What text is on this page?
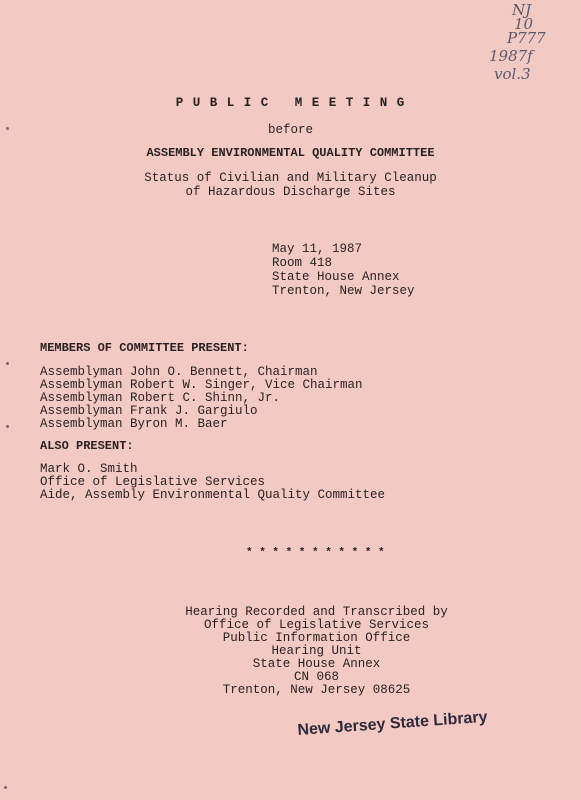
NJ
10
P777
1987f
vol.3
P U B L I C   M E E T I N G
before
ASSEMBLY ENVIRONMENTAL QUALITY COMMITTEE
Status of Civilian and Military Cleanup
of Hazardous Discharge Sites
May 11, 1987
Room 418
State House Annex
Trenton, New Jersey
MEMBERS OF COMMITTEE PRESENT:
Assemblyman John O. Bennett, Chairman
Assemblyman Robert W. Singer, Vice Chairman
Assemblyman Robert C. Shinn, Jr.
Assemblyman Frank J. Gargiulo
Assemblyman Byron M. Baer
ALSO PRESENT:
Mark O. Smith
Office of Legislative Services
Aide, Assembly Environmental Quality Committee
* * * * * * * * * * *
Hearing Recorded and Transcribed by
Office of Legislative Services
Public Information Office
Hearing Unit
State House Annex
CN 068
Trenton, New Jersey 08625
New Jersey State Library
